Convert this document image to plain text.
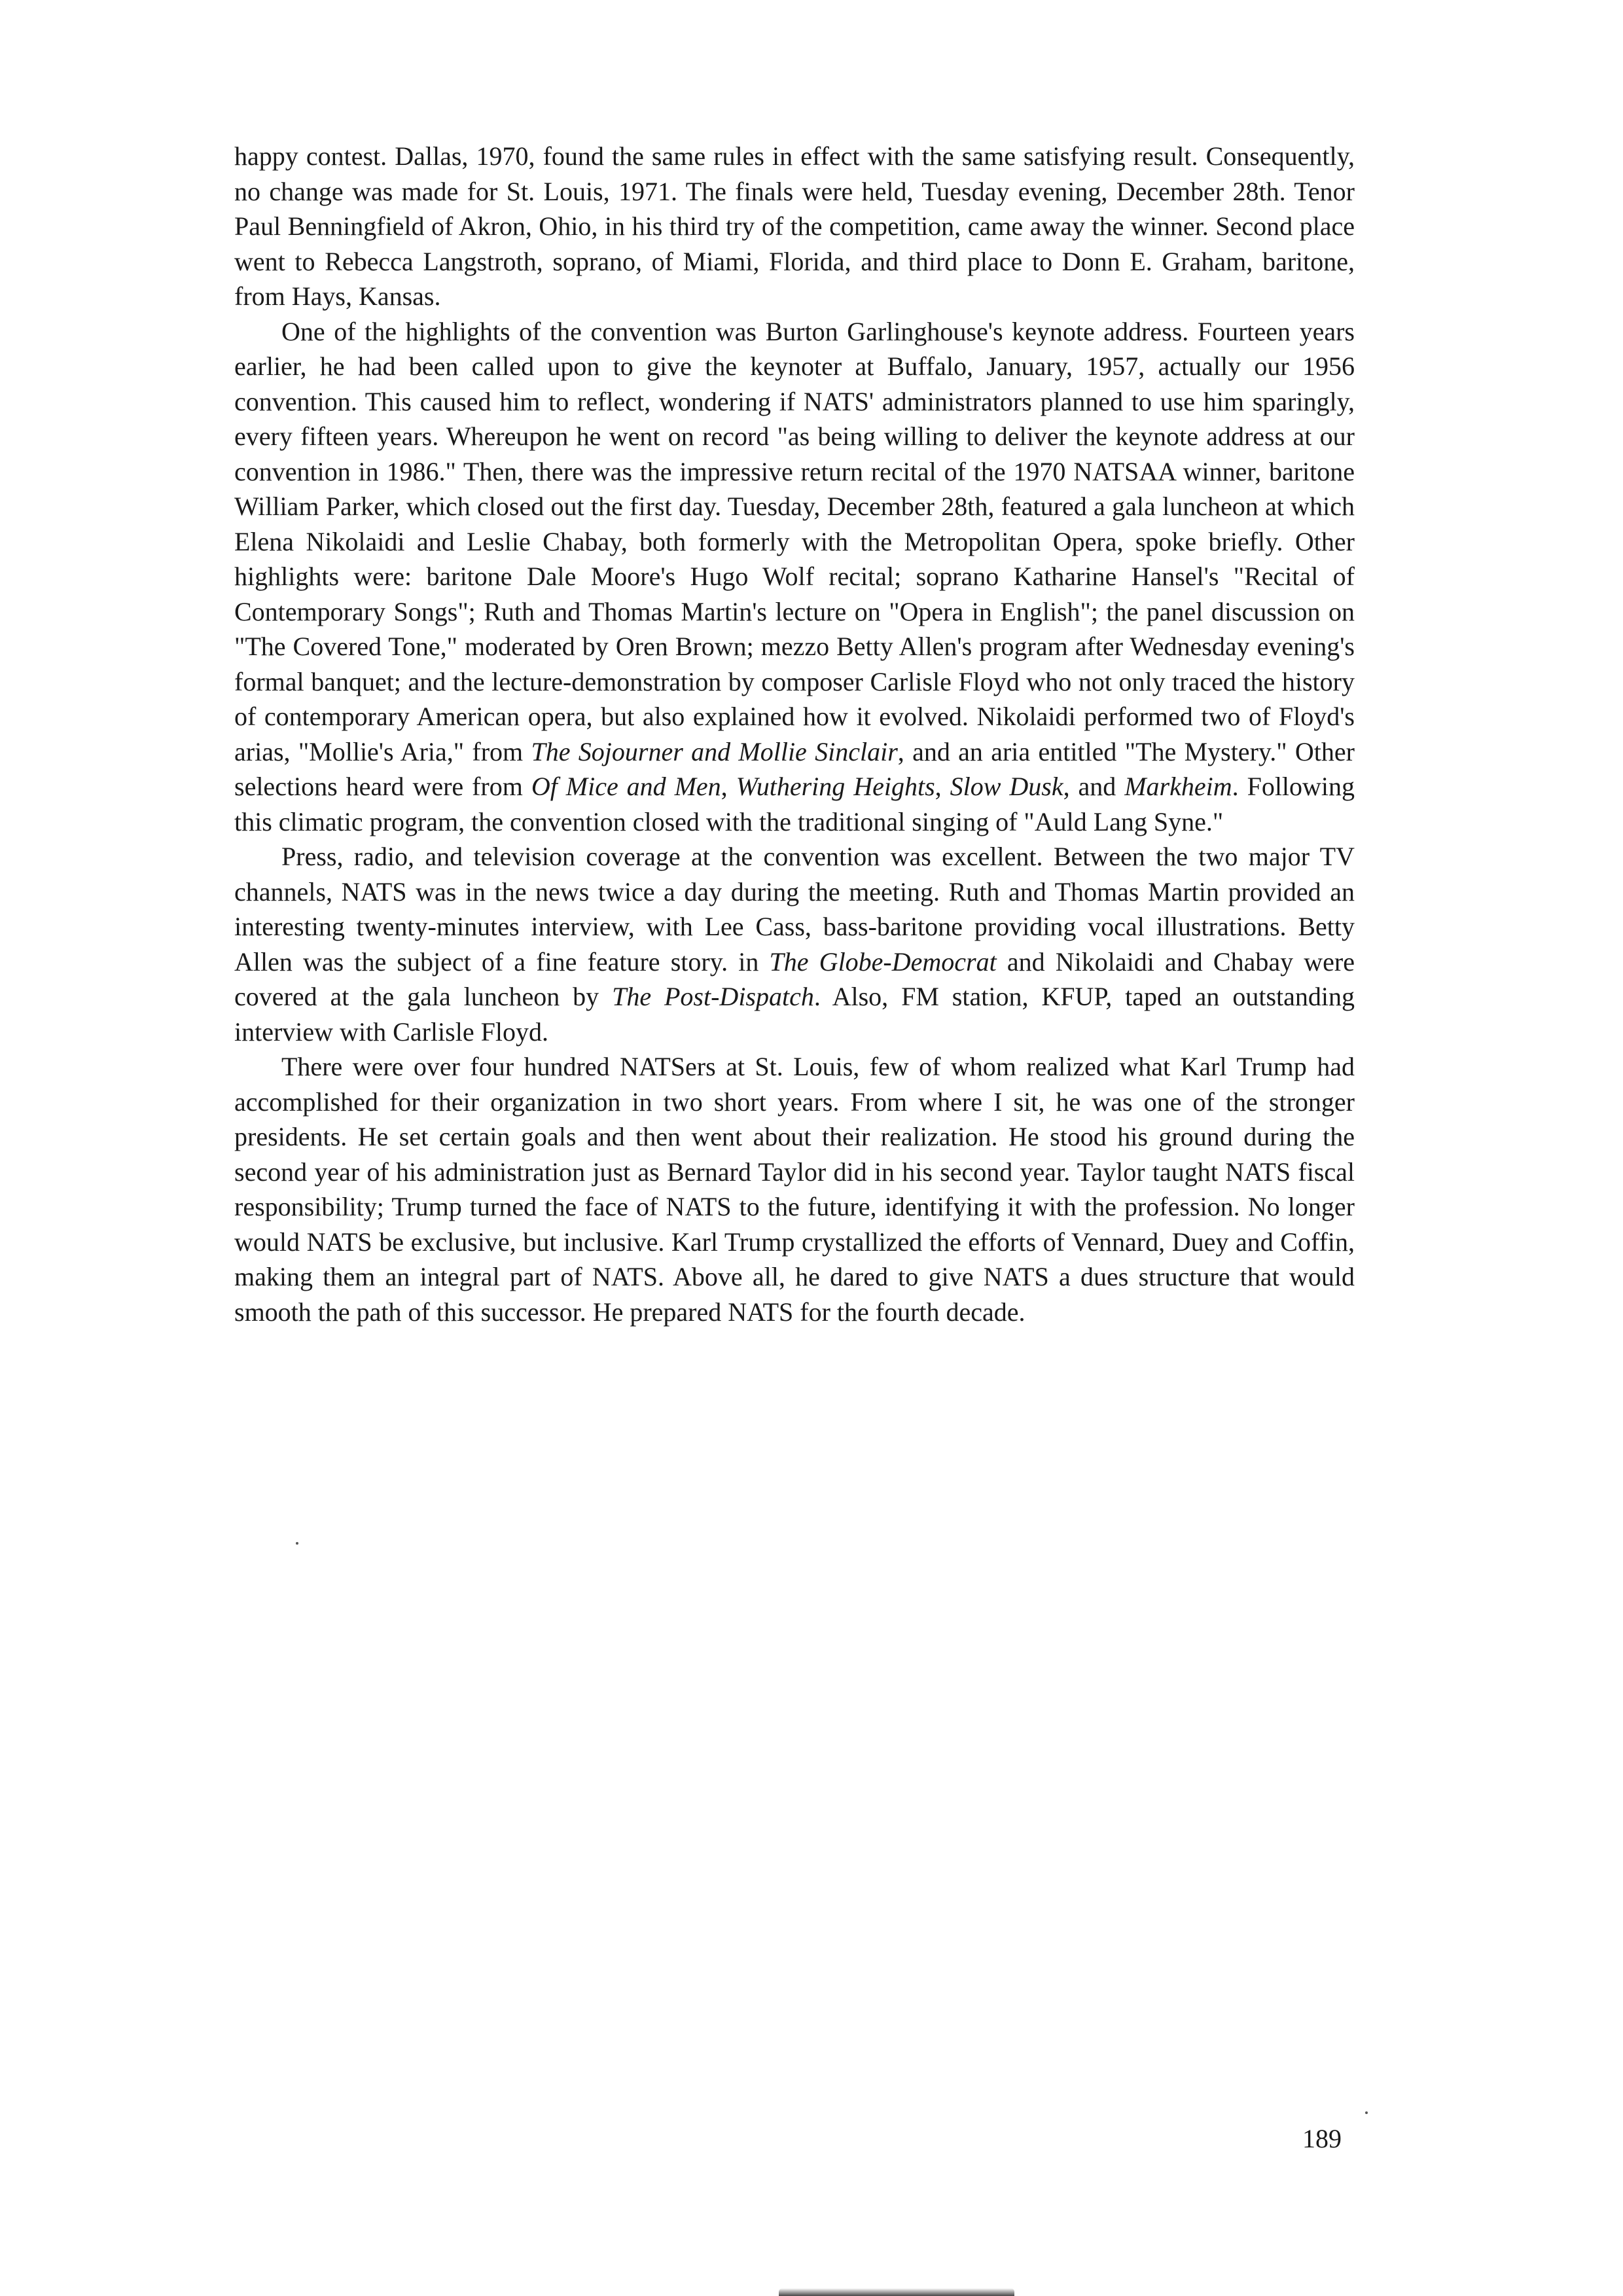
happy contest. Dallas, 1970, found the same rules in effect with the same satisfying result. Consequently, no change was made for St. Louis, 1971. The finals were held, Tuesday evening, December 28th. Tenor Paul Benningfield of Akron, Ohio, in his third try of the competition, came away the winner. Second place went to Rebecca Langstroth, soprano, of Miami, Florida, and third place to Donn E. Graham, baritone, from Hays, Kansas.

One of the highlights of the convention was Burton Garlinghouse's keynote address. Fourteen years earlier, he had been called upon to give the keynoter at Buffalo, January, 1957, actually our 1956 convention. This caused him to reflect, wondering if NATS' administrators planned to use him sparingly, every fifteen years. Whereupon he went on record "as being willing to deliver the keynote address at our convention in 1986." Then, there was the impressive return recital of the 1970 NATSAA winner, baritone William Parker, which closed out the first day. Tuesday, December 28th, featured a gala luncheon at which Elena Nikolaidi and Leslie Chabay, both formerly with the Metropolitan Opera, spoke briefly. Other highlights were: baritone Dale Moore's Hugo Wolf recital; soprano Katharine Hansel's "Recital of Contemporary Songs"; Ruth and Thomas Martin's lecture on "Opera in English"; the panel discussion on "The Covered Tone," moderated by Oren Brown; mezzo Betty Allen's program after Wednesday evening's formal banquet; and the lecture-demonstration by composer Carlisle Floyd who not only traced the history of contemporary American opera, but also explained how it evolved. Nikolaidi performed two of Floyd's arias, "Mollie's Aria," from The Sojourner and Mollie Sinclair, and an aria entitled "The Mystery." Other selections heard were from Of Mice and Men, Wuthering Heights, Slow Dusk, and Markheim. Following this climatic program, the convention closed with the traditional singing of "Auld Lang Syne."

Press, radio, and television coverage at the convention was excellent. Between the two major TV channels, NATS was in the news twice a day during the meeting. Ruth and Thomas Martin provided an interesting twenty-minutes interview, with Lee Cass, bass-baritone providing vocal illustrations. Betty Allen was the subject of a fine feature story. in The Globe-Democrat and Nikolaidi and Chabay were covered at the gala luncheon by The Post-Dispatch. Also, FM station, KFUP, taped an outstanding interview with Carlisle Floyd.

There were over four hundred NATSers at St. Louis, few of whom realized what Karl Trump had accomplished for their organization in two short years. From where I sit, he was one of the stronger presidents. He set certain goals and then went about their realization. He stood his ground during the second year of his administration just as Bernard Taylor did in his second year. Taylor taught NATS fiscal responsibility; Trump turned the face of NATS to the future, identifying it with the profession. No longer would NATS be exclusive, but inclusive. Karl Trump crystallized the efforts of Vennard, Duey and Coffin, making them an integral part of NATS. Above all, he dared to give NATS a dues structure that would smooth the path of this successor. He prepared NATS for the fourth decade.

189
